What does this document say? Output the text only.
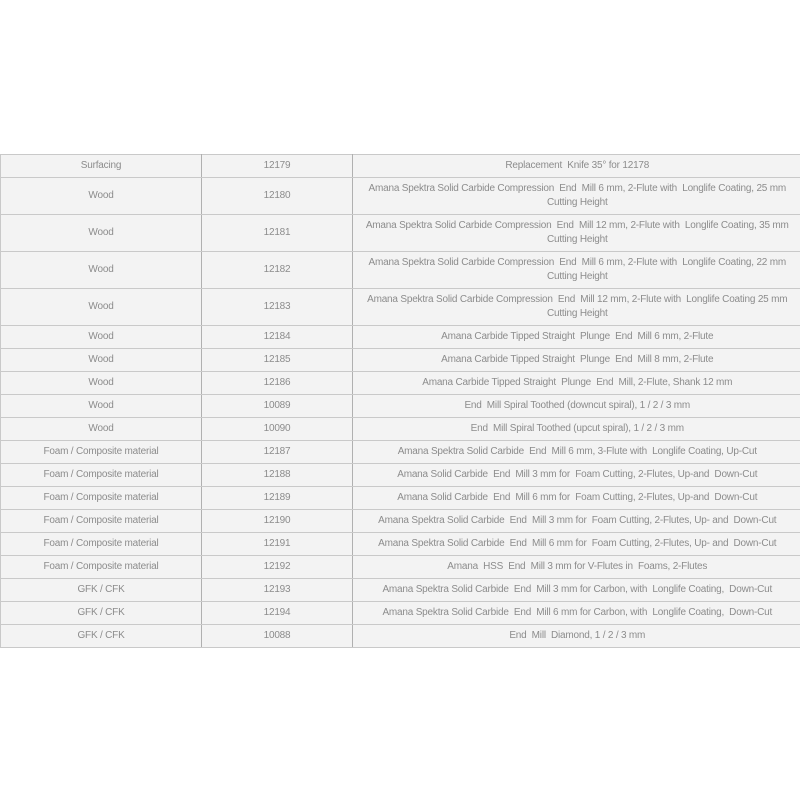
Surfacing	12179	Replacement  Knife 35° for 12178
Wood	12180	Amana Spektra Solid Carbide Compression  End  Mill 6 mm, 2-Flute with  Longlife Coating, 25 mm Cutting Height
Wood	12181	Amana Spektra Solid Carbide Compression  End  Mill 12 mm, 2-Flute with  Longlife Coating, 35 mm Cutting Height
Wood	12182	Amana Spektra Solid Carbide Compression  End  Mill 6 mm, 2-Flute with  Longlife Coating, 22 mm Cutting Height
Wood	12183	Amana Spektra Solid Carbide Compression  End  Mill 12 mm, 2-Flute with  Longlife Coating 25 mm Cutting Height
Wood	12184	Amana Carbide Tipped Straight  Plunge  End  Mill 6 mm, 2-Flute
Wood	12185	Amana Carbide Tipped Straight  Plunge  End  Mill 8 mm, 2-Flute
Wood	12186	Amana Carbide Tipped Straight  Plunge  End  Mill, 2-Flute, Shank 12 mm
Wood	10089	End  Mill Spiral Toothed (downcut spiral), 1 / 2 / 3 mm
Wood	10090	End  Mill Spiral Toothed (upcut spiral), 1 / 2 / 3 mm
Foam / Composite material	12187	Amana Spektra Solid Carbide  End  Mill 6 mm, 3-Flute with  Longlife Coating, Up-Cut
Foam / Composite material	12188	Amana Solid Carbide  End  Mill 3 mm for  Foam Cutting, 2-Flutes, Up-and  Down-Cut
Foam / Composite material	12189	Amana Solid Carbide  End  Mill 6 mm for  Foam Cutting, 2-Flutes, Up-and  Down-Cut
Foam / Composite material	12190	Amana Spektra Solid Carbide  End  Mill 3 mm for  Foam Cutting, 2-Flutes, Up- and  Down-Cut
Foam / Composite material	12191	Amana Spektra Solid Carbide  End  Mill 6 mm for  Foam Cutting, 2-Flutes, Up- and  Down-Cut
Foam / Composite material	12192	Amana  HSS  End  Mill 3 mm for V-Flutes in  Foams, 2-Flutes
GFK / CFK	12193	Amana Spektra Solid Carbide  End  Mill 3 mm for Carbon, with  Longlife Coating,  Down-Cut
GFK / CFK	12194	Amana Spektra Solid Carbide  End  Mill 6 mm for Carbon, with  Longlife Coating,  Down-Cut
GFK / CFK	10088	End  Mill  Diamond, 1 / 2 / 3 mm
